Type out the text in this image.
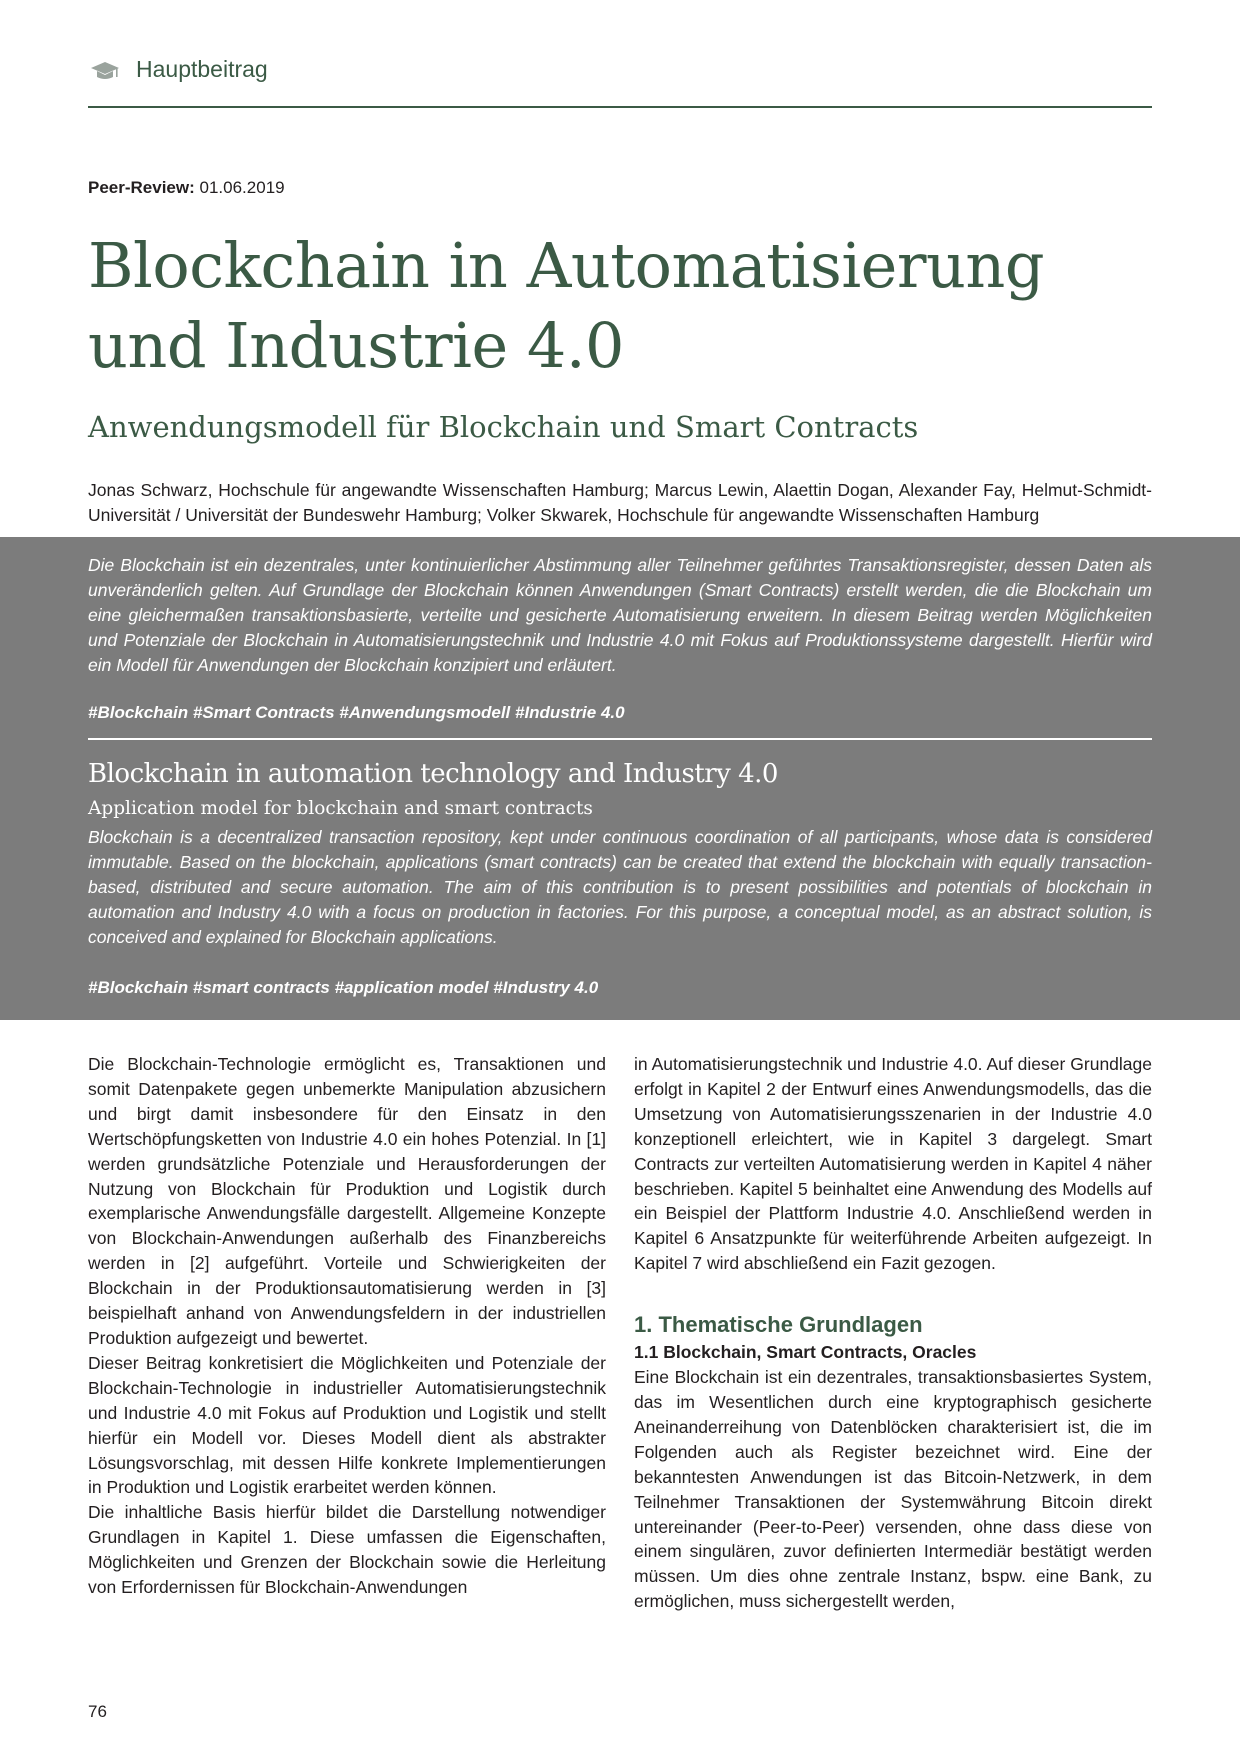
Hauptbeitrag
Peer-Review: 01.06.2019
Blockchain in Automatisierung
und Industrie 4.0
Anwendungsmodell für Blockchain und Smart Contracts
Jonas Schwarz, Hochschule für angewandte Wissenschaften Hamburg; Marcus Lewin, Alaettin Dogan, Alexander Fay, Helmut-Schmidt-Universität / Universität der Bundeswehr Hamburg; Volker Skwarek, Hochschule für angewandte Wissenschaften Hamburg
Die Blockchain ist ein dezentrales, unter kontinuierlicher Abstimmung aller Teilnehmer geführtes Transaktionsregister, dessen Daten als unveränderlich gelten. Auf Grundlage der Blockchain können Anwendungen (Smart Contracts) erstellt werden, die die Blockchain um eine gleichermaßen transaktionsbasierte, verteilte und gesicherte Automatisierung erweitern. In diesem Beitrag werden Möglichkeiten und Potenziale der Blockchain in Automatisierungstechnik und Industrie 4.0 mit Fokus auf Produktionssysteme dargestellt. Hierfür wird ein Modell für Anwendungen der Blockchain konzipiert und erläutert.
#Blockchain #Smart Contracts #Anwendungsmodell #Industrie 4.0
Blockchain in automation technology and Industry 4.0
Application model for blockchain and smart contracts
Blockchain is a decentralized transaction repository, kept under continuous coordination of all participants, whose data is considered immutable. Based on the blockchain, applications (smart contracts) can be created that extend the blockchain with equally transaction-based, distributed and secure automation. The aim of this contribution is to present possibilities and potentials of blockchain in automation and Industry 4.0 with a focus on production in factories. For this purpose, a conceptual model, as an abstract solution, is conceived and explained for Blockchain applications.
#Blockchain #smart contracts #application model #Industry 4.0

Die Blockchain-Technologie ermöglicht es, Transaktionen und somit Datenpakete gegen unbemerkte Manipulation abzusichern und birgt damit insbesondere für den Einsatz in den Wertschöpfungsketten von Industrie 4.0 ein hohes Potenzial. In [1] werden grundsätzliche Potenziale und Herausforderungen der Nutzung von Blockchain für Produktion und Logistik durch exemplarische Anwendungsfälle dargestellt. Allgemeine Konzepte von Blockchain-Anwendungen außerhalb des Finanzbereichs werden in [2] aufgeführt. Vorteile und Schwierigkeiten der Blockchain in der Produktionsautomatisierung werden in [3] beispielhaft anhand von Anwendungsfeldern in der industriellen Produktion aufgezeigt und bewertet.

Dieser Beitrag konkretisiert die Möglichkeiten und Potenziale der Blockchain-Technologie in industrieller Automatisierungstechnik und Industrie 4.0 mit Fokus auf Produktion und Logistik und stellt hierfür ein Modell vor. Dieses Modell dient als abstrakter Lösungsvorschlag, mit dessen Hilfe konkrete Implementierungen in Produktion und Logistik erarbeitet werden können.

Die inhaltliche Basis hierfür bildet die Darstellung notwendiger Grundlagen in Kapitel 1. Diese umfassen die Eigenschaften, Möglichkeiten und Grenzen der Blockchain sowie die Herleitung von Erfordernissen für Blockchain-Anwendungen

in Automatisierungstechnik und Industrie 4.0. Auf dieser Grundlage erfolgt in Kapitel 2 der Entwurf eines Anwendungsmodells, das die Umsetzung von Automatisierungsszenarien in der Industrie 4.0 konzeptionell erleichtert, wie in Kapitel 3 dargelegt. Smart Contracts zur verteilten Automatisierung werden in Kapitel 4 näher beschrieben. Kapitel 5 beinhaltet eine Anwendung des Modells auf ein Beispiel der Plattform Industrie 4.0. Anschließend werden in Kapitel 6 Ansatzpunkte für weiterführende Arbeiten aufgezeigt. In Kapitel 7 wird abschließend ein Fazit gezogen.

1. Thematische Grundlagen

1.1 Blockchain, Smart Contracts, Oracles

Eine Blockchain ist ein dezentrales, transaktionsbasiertes System, das im Wesentlichen durch eine kryptographisch gesicherte Aneinanderreihung von Datenblöcken charakterisiert ist, die im Folgenden auch als Register bezeichnet wird. Eine der bekanntesten Anwendungen ist das Bitcoin-Netzwerk, in dem Teilnehmer Transaktionen der Systemwährung Bitcoin direkt untereinander (Peer-to-Peer) versenden, ohne dass diese von einem singulären, zuvor definierten Intermediär bestätigt werden müssen. Um dies ohne zentrale Instanz, bspw. eine Bank, zu ermöglichen, muss sichergestellt werden,

76
